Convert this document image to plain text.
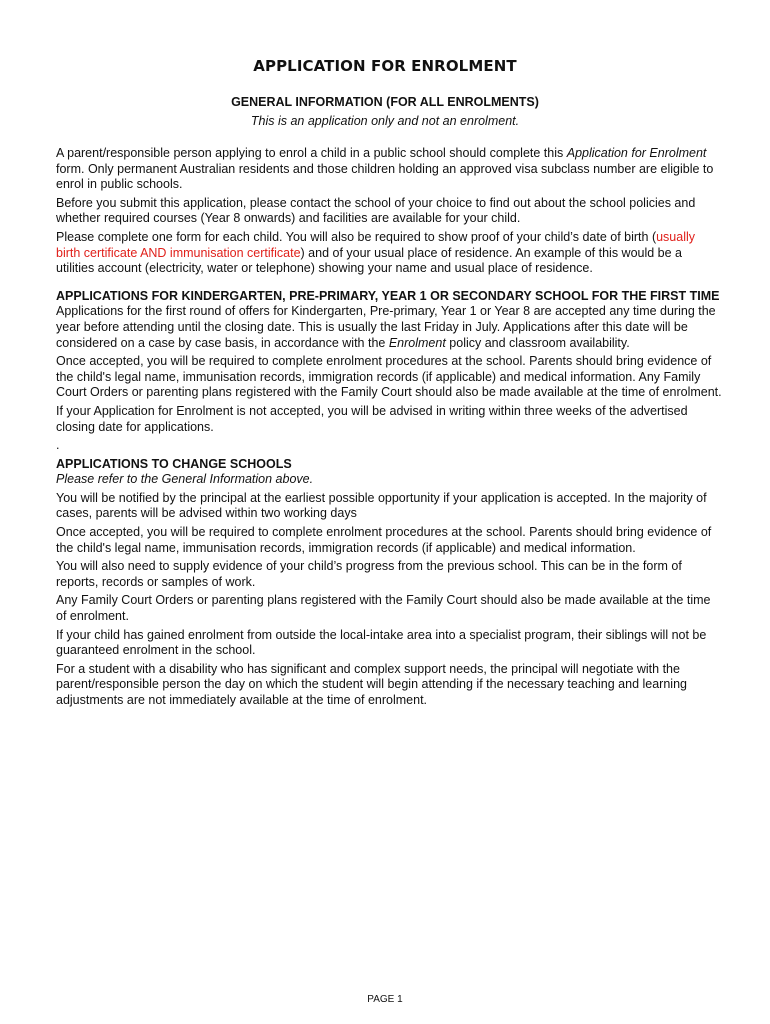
APPLICATION FOR ENROLMENT
GENERAL INFORMATION (FOR ALL ENROLMENTS)
This is an application only and not an enrolment.

A parent/responsible person applying to enrol a child in a public school should complete this Application for Enrolment form. Only permanent Australian residents and those children holding an approved visa subclass number are eligible to enrol in public schools.

Before you submit this application, please contact the school of your choice to find out about the school policies and whether required courses (Year 8 onwards) and facilities are available for your child.

Please complete one form for each child. You will also be required to show proof of your child’s date of birth (usually birth certificate AND immunisation certificate) and of your usual place of residence. An example of this would be a utilities account (electricity, water or telephone) showing your name and usual place of residence.

APPLICATIONS FOR KINDERGARTEN, PRE-PRIMARY, YEAR 1 OR SECONDARY SCHOOL FOR THE FIRST TIME

Applications for the first round of offers for Kindergarten, Pre-primary, Year 1 or Year 8 are accepted any time during the year before attending until the closing date. This is usually the last Friday in July. Applications after this date will be considered on a case by case basis, in accordance with the Enrolment policy and classroom availability.

Once accepted, you will be required to complete enrolment procedures at the school. Parents should bring evidence of the child's legal name, immunisation records, immigration records (if applicable) and medical information. Any Family Court Orders or parenting plans registered with the Family Court should also be made available at the time of enrolment.

If your Application for Enrolment is not accepted, you will be advised in writing within three weeks of the advertised closing date for applications.

.

APPLICATIONS TO CHANGE SCHOOLS

Please refer to the General Information above.

You will be notified by the principal at the earliest possible opportunity if your application is accepted. In the majority of cases, parents will be advised within two working days

Once accepted, you will be required to complete enrolment procedures at the school. Parents should bring evidence of the child's legal name, immunisation records, immigration records (if applicable) and medical information.

You will also need to supply evidence of your child’s progress from the previous school. This can be in the form of reports, records or samples of work.

Any Family Court Orders or parenting plans registered with the Family Court should also be made available at the time of enrolment.

If your child has gained enrolment from outside the local-intake area into a specialist program, their siblings will not be guaranteed enrolment in the school.

For a student with a disability who has significant and complex support needs, the principal will negotiate with the parent/responsible person the day on which the student will begin attending if the necessary teaching and learning adjustments are not immediately available at the time of enrolment.

PAGE 1
